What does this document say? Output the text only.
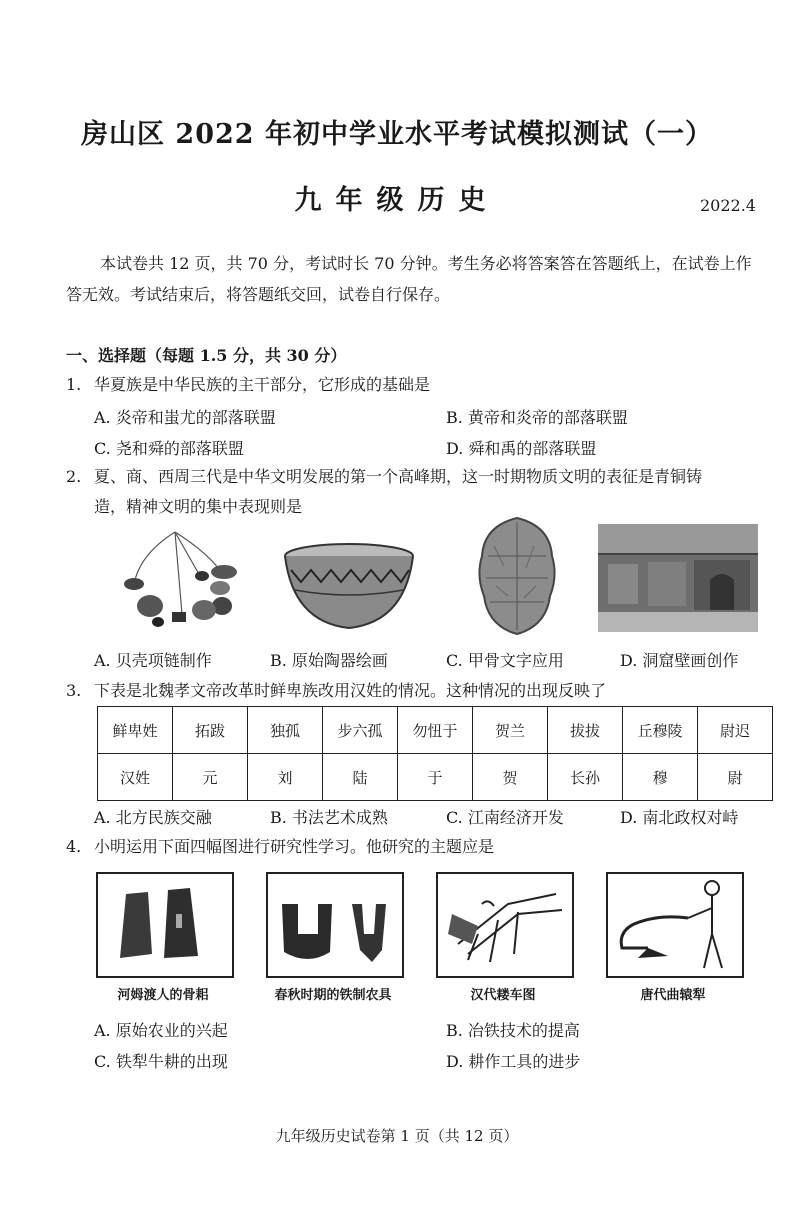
房山区 2022 年初中学业水平考试模拟测试（一）
九年级历史	2022.4
本试卷共 12 页，共 70 分，考试时长 70 分钟。考生务必将答案答在答题纸上，在试卷上作答无效。考试结束后，将答题纸交回，试卷自行保存。
一、选择题（每题 1.5 分，共 30 分）
1. 华夏族是中华民族的主干部分，它形成的基础是
A. 炎帝和蚩尤的部落联盟	B. 黄帝和炎帝的部落联盟
C. 尧和舜的部落联盟	D. 舜和禹的部落联盟
2. 夏、商、西周三代是中华文明发展的第一个高峰期，这一时期物质文明的表征是青铜铸
造，精神文明的集中表现则是
A. 贝壳项链制作	B. 原始陶器绘画	C. 甲骨文字应用	D. 洞窟壁画创作
3. 下表是北魏孝文帝改革时鲜卑族改用汉姓的情况。这种情况的出现反映了
鲜卑姓	拓跋	独孤	步六孤	勿忸于	贺兰	拔拔	丘穆陵	尉迟
汉姓	元	刘	陆	于	贺	长孙	穆	尉
A. 北方民族交融	B. 书法艺术成熟	C. 江南经济开发	D. 南北政权对峙
4. 小明运用下面四幅图进行研究性学习。他研究的主题应是
河姆渡人的骨耜	春秋时期的铁制农具	汉代耧车图	唐代曲辕犁
A. 原始农业的兴起	B. 冶铁技术的提高
C. 铁犁牛耕的出现	D. 耕作工具的进步
九年级历史试卷第 1 页（共 12 页）
